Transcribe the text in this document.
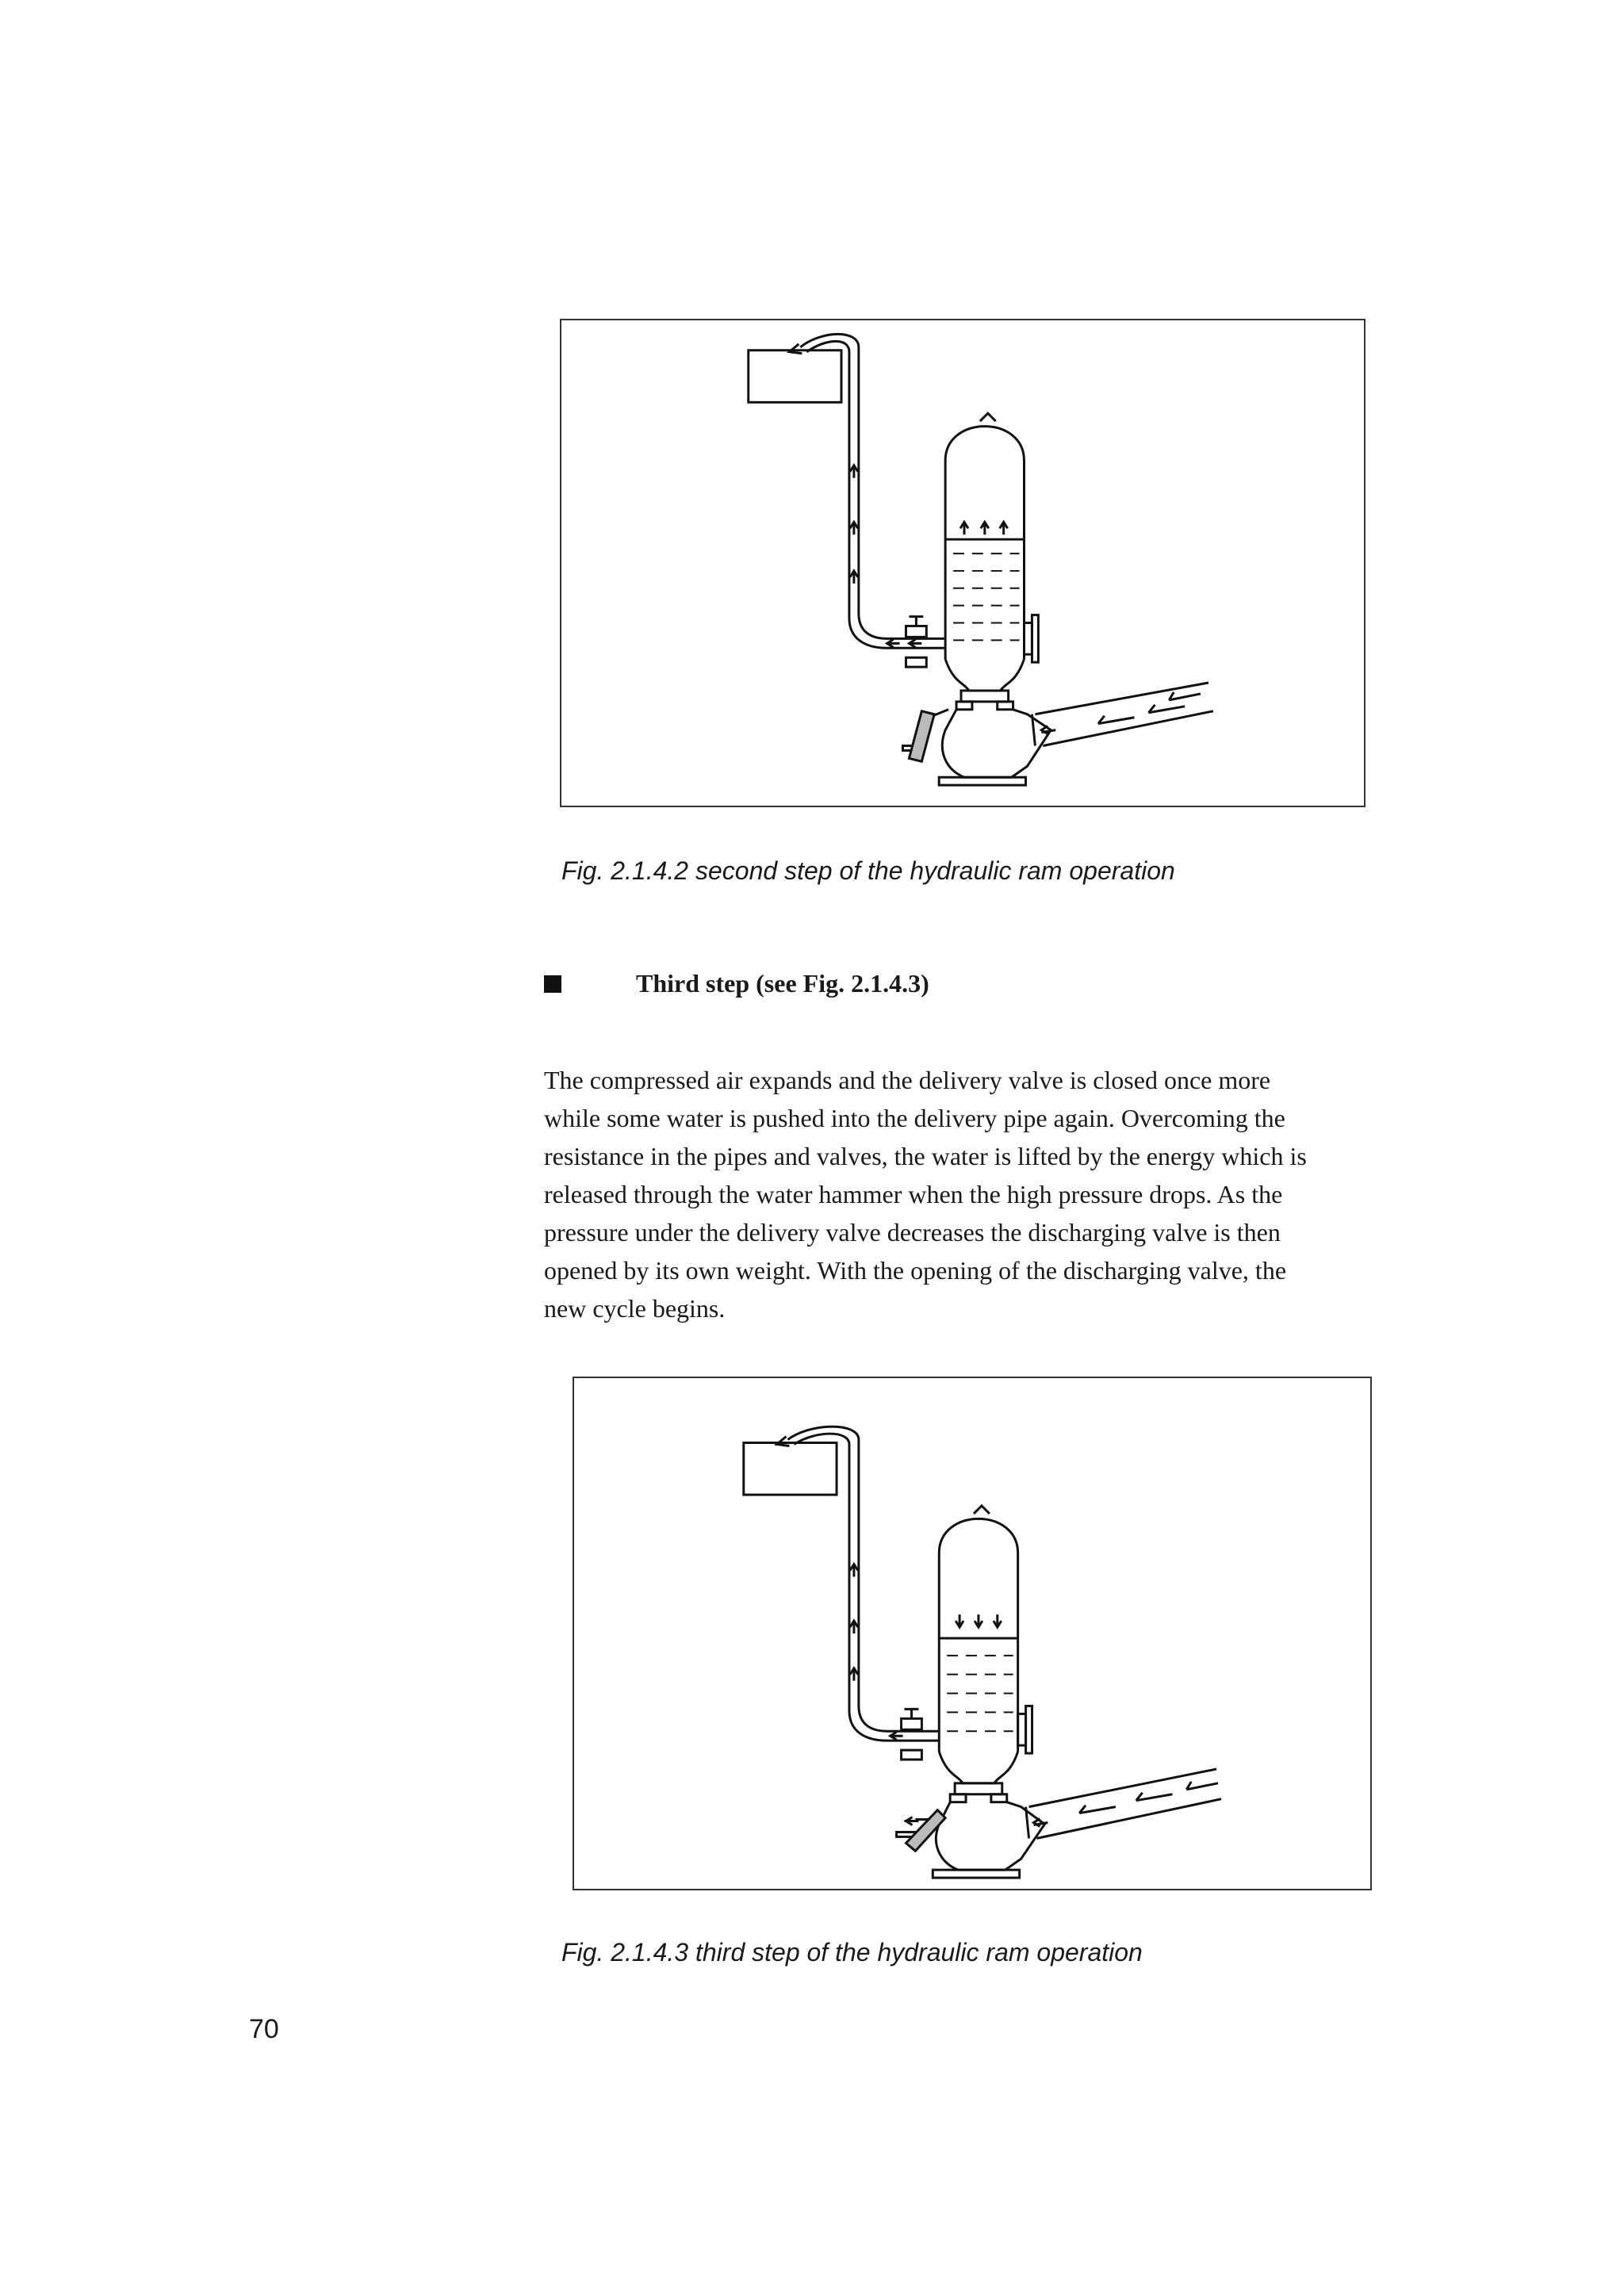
Fig. 2.1.4.2 second step of the hydraulic ram operation
Third step (see Fig. 2.1.4.3)
The compressed air expands and the delivery valve is closed once more
while some water is pushed into the delivery pipe again. Overcoming the
resistance in the pipes and valves, the water is lifted by the energy which is
released through the water hammer when the high pressure drops. As the
pressure under the delivery valve decreases the discharging valve is then
opened by its own weight. With the opening of the discharging valve, the
new cycle begins.
Fig. 2.1.4.3 third step of the hydraulic ram operation
70
